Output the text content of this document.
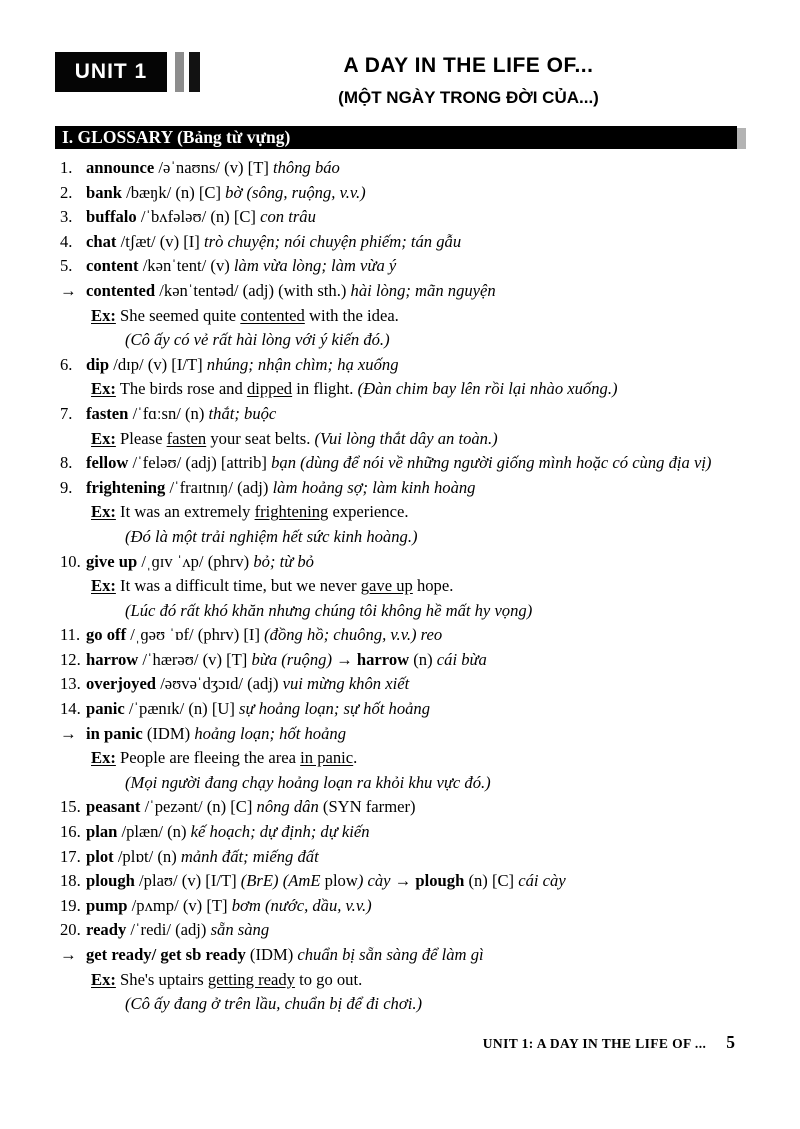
UNIT 1	A DAY IN THE LIFE OF...
(MỘT NGÀY TRONG ĐỜI CỦA...)
I. GLOSSARY (Bảng từ vựng)
1. announce /əˈnaʊns/ (v) [T] thông báo
2. bank /bæŋk/ (n) [C] bờ (sông, ruộng, v.v.)
3. buffalo /ˈbʌfələʊ/ (n) [C] con trâu
4. chat /tʃæt/ (v) [I] trò chuyện; nói chuyện phiếm; tán gẫu
5. content /kənˈtent/ (v) làm vừa lòng; làm vừa ý
→ contented /kənˈtentəd/ (adj) (with sth.) hài lòng; mãn nguyện
Ex: She seemed quite contented with the idea.
(Cô ấy có vẻ rất hài lòng với ý kiến đó.)
6. dip /dɪp/ (v) [I/T] nhúng; nhận chìm; hạ xuống
Ex: The birds rose and dipped in flight. (Đàn chim bay lên rồi lại nhào xuống.)
7. fasten /ˈfɑːsn/ (n) thắt; buộc
Ex: Please fasten your seat belts. (Vui lòng thắt dây an toàn.)
8. fellow /ˈfeləʊ/ (adj) [attrib] bạn (dùng để nói về những người giống mình hoặc có cùng địa vị)
9. frightening /ˈfraɪtnɪŋ/ (adj) làm hoảng sợ; làm kinh hoàng
Ex: It was an extremely frightening experience.
(Đó là một trải nghiệm hết sức kinh hoàng.)
10. give up /ˌɡɪv ˈʌp/ (phrv) bỏ; từ bỏ
Ex: It was a difficult time, but we never gave up hope.
(Lúc đó rất khó khăn nhưng chúng tôi không hề mất hy vọng)
11. go off /ˌɡəʊ ˈɒf/ (phrv) [I] (đồng hồ; chuông, v.v.) reo
12. harrow /ˈhærəʊ/ (v) [T] bừa (ruộng) → harrow (n) cái bừa
13. overjoyed /əʊvəˈdʒɔɪd/ (adj) vui mừng khôn xiết
14. panic /ˈpænɪk/ (n) [U] sự hoảng loạn; sự hốt hoảng
→ in panic (IDM) hoảng loạn; hốt hoảng
Ex: People are fleeing the area in panic.
(Mọi người đang chạy hoảng loạn ra khỏi khu vực đó.)
15. peasant /ˈpezənt/ (n) [C] nông dân (SYN farmer)
16. plan /plæn/ (n) kế hoạch; dự định; dự kiến
17. plot /plɒt/ (n) mảnh đất; miếng đất
18. plough /plaʊ/ (v) [I/T] (BrE) (AmE plow) cày → plough (n) [C] cái cày
19. pump /pʌmp/ (v) [T] bơm (nước, dầu, v.v.)
20. ready /ˈredi/ (adj) sẵn sàng
→ get ready/ get sb ready (IDM) chuẩn bị sẵn sàng để làm gì
Ex: She's uptairs getting ready to go out.
(Cô ấy đang ở trên lầu, chuẩn bị để đi chơi.)
UNIT 1: A DAY IN THE LIFE OF ... 5
